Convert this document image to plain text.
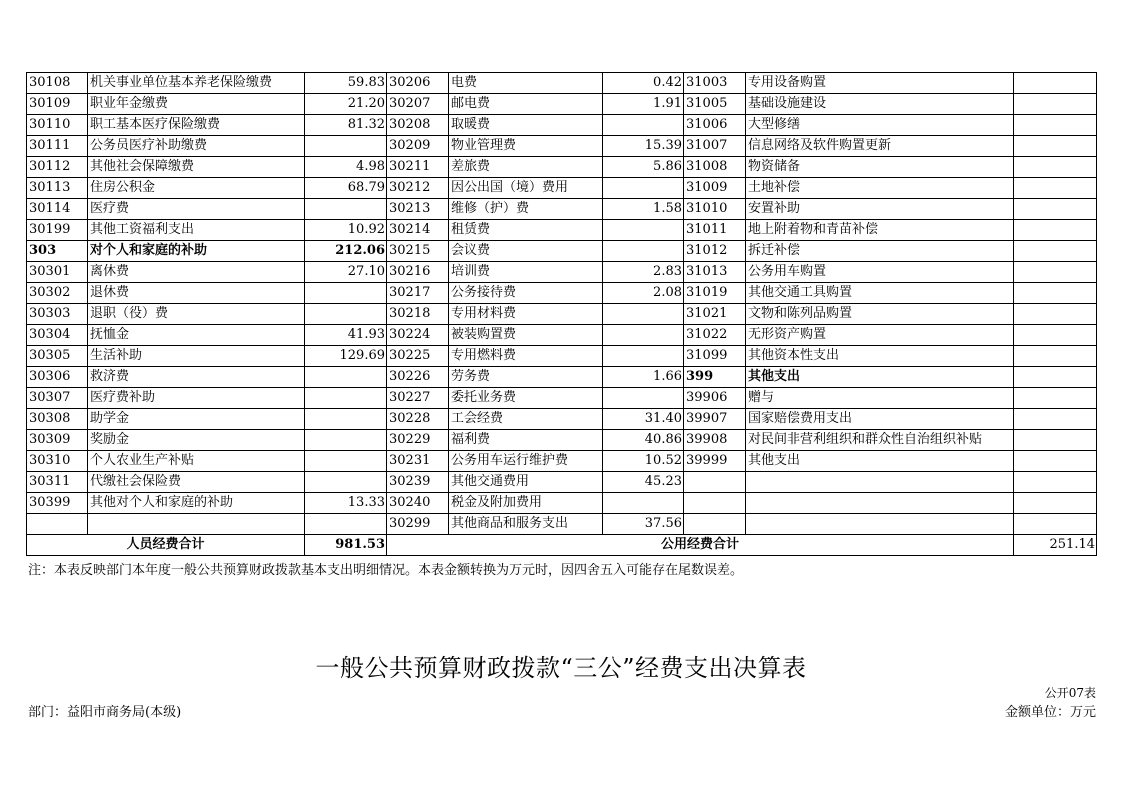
30108	机关事业单位基本养老保险缴费	59.83	30206	电费	0.42	31003	专用设备购置	
30109	职业年金缴费	21.20	30207	邮电费	1.91	31005	基础设施建设	
30110	职工基本医疗保险缴费	81.32	30208	取暖费		31006	大型修缮	
30111	公务员医疗补助缴费		30209	物业管理费	15.39	31007	信息网络及软件购置更新	
30112	其他社会保障缴费	4.98	30211	差旅费	5.86	31008	物资储备	
30113	住房公积金	68.79	30212	因公出国（境）费用		31009	土地补偿	
30114	医疗费		30213	维修（护）费	1.58	31010	安置补助	
30199	其他工资福利支出	10.92	30214	租赁费		31011	地上附着物和青苗补偿	
303	对个人和家庭的补助	212.06	30215	会议费		31012	拆迁补偿	
30301	离休费	27.10	30216	培训费	2.83	31013	公务用车购置	
30302	退休费		30217	公务接待费	2.08	31019	其他交通工具购置	
30303	退职（役）费		30218	专用材料费		31021	文物和陈列品购置	
30304	抚恤金	41.93	30224	被装购置费		31022	无形资产购置	
30305	生活补助	129.69	30225	专用燃料费		31099	其他资本性支出	
30306	救济费		30226	劳务费	1.66	399	其他支出	
30307	医疗费补助		30227	委托业务费		39906	赠与	
30308	助学金		30228	工会经费	31.40	39907	国家赔偿费用支出	
30309	奖励金		30229	福利费	40.86	39908	对民间非营利组织和群众性自治组织补贴	
30310	个人农业生产补贴		30231	公务用车运行维护费	10.52	39999	其他支出	
30311	代缴社会保险费		30239	其他交通费用	45.23			
30399	其他对个人和家庭的补助	13.33	30240	税金及附加费用				
			30299	其他商品和服务支出	37.56			
人员经费合计		981.53	公用经费合计					251.14
注：本表反映部门本年度一般公共预算财政拨款基本支出明细情况。本表金额转换为万元时，因四舍五入可能存在尾数误差。
一般公共预算财政拨款“三公”经费支出决算表
公开07表
部门：益阳市商务局(本级)	金额单位：万元
